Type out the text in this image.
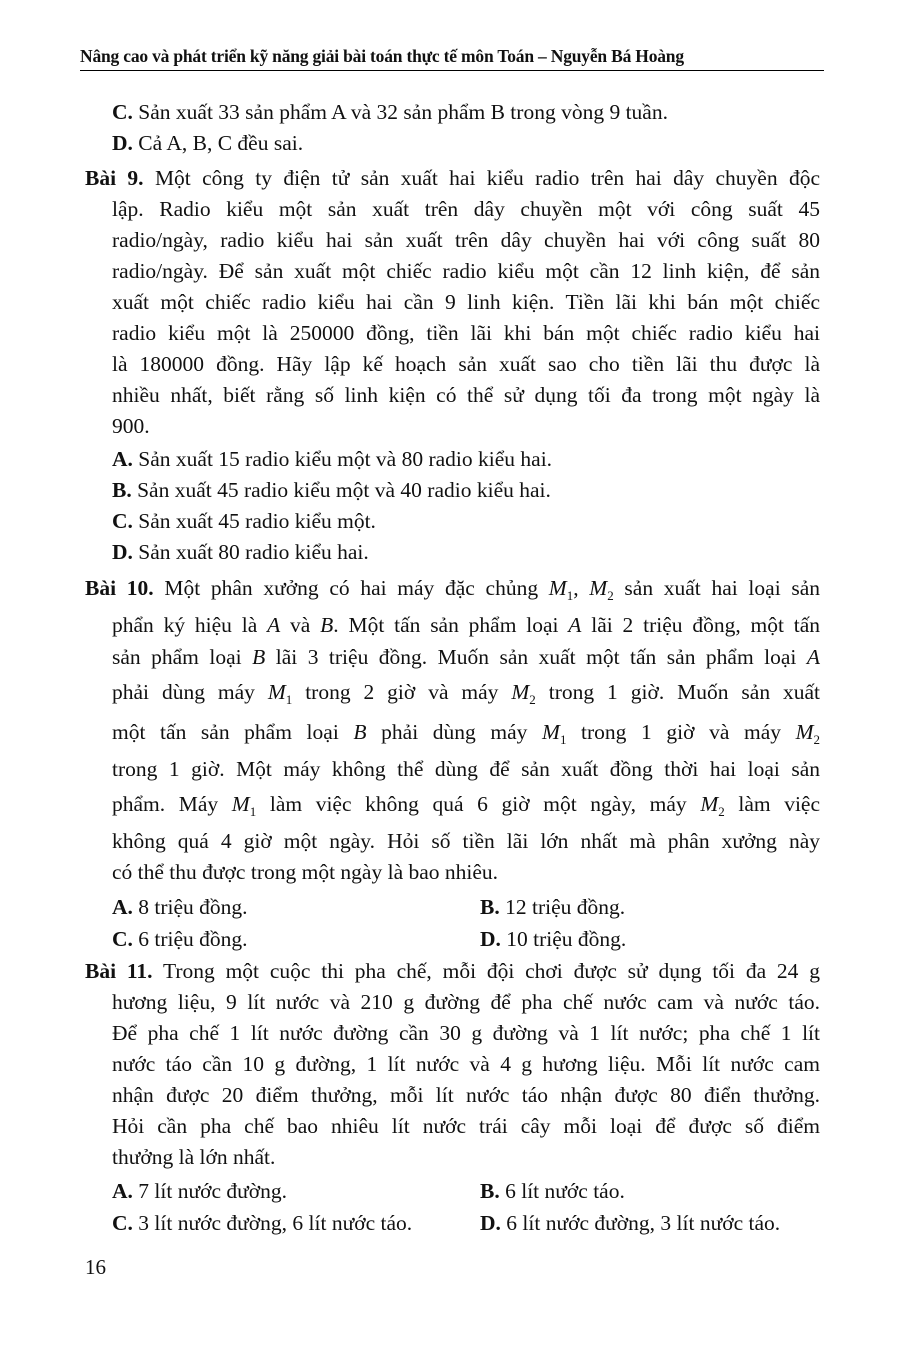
Nâng cao và phát triển kỹ năng giải bài toán thực tế môn Toán – Nguyễn Bá Hoàng
C. Sản xuất 33 sản phẩm A và 32 sản phẩm B trong vòng 9 tuần.
D. Cả A, B, C đều sai.
Bài 9. Một công ty điện tử sản xuất hai kiểu radio trên hai dây chuyền độc
lập. Radio kiểu một sản xuất trên dây chuyền một với công suất 45
radio/ngày, radio kiểu hai sản xuất trên dây chuyền hai với công suất 80
radio/ngày. Để sản xuất một chiếc radio kiểu một cần 12 linh kiện, để sản
xuất một chiếc radio kiểu hai cần 9 linh kiện. Tiền lãi khi bán một chiếc
radio kiểu một là 250000 đồng, tiền lãi khi bán một chiếc radio kiểu hai
là 180000 đồng. Hãy lập kế hoạch sản xuất sao cho tiền lãi thu được là
nhiều nhất, biết rằng số linh kiện có thể sử dụng tối đa trong một ngày là
900.
A. Sản xuất 15 radio kiểu một và 80 radio kiểu hai.
B. Sản xuất 45 radio kiểu một và 40 radio kiểu hai.
C. Sản xuất 45 radio kiểu một.
D. Sản xuất 80 radio kiểu hai.
Bài 10. Một phân xưởng có hai máy đặc chủng $M_1$, $M_2$ sản xuất hai loại sản
phẩn ký hiệu là A và B. Một tấn sản phẩm loại A lãi 2 triệu đồng, một tấn
sản phẩm loại B lãi 3 triệu đồng. Muốn sản xuất một tấn sản phẩm loại A
phải dùng máy $M_1$ trong 2 giờ và máy $M_2$ trong 1 giờ. Muốn sản xuất
một tấn sản phẩm loại B phải dùng máy $M_1$ trong 1 giờ và máy $M_2$
trong 1 giờ. Một máy không thể dùng để sản xuất đồng thời hai loại sản
phẩm. Máy $M_1$ làm việc không quá 6 giờ một ngày, máy $M_2$ làm việc
không quá 4 giờ một ngày. Hỏi số tiền lãi lớn nhất mà phân xưởng này
có thể thu được trong một ngày là bao nhiêu.
A. 8 triệu đồng.	B. 12 triệu đồng.
C. 6 triệu đồng.	D. 10 triệu đồng.
Bài 11. Trong một cuộc thi pha chế, mỗi đội chơi được sử dụng tối đa 24 g
hương liệu, 9 lít nước và 210 g đường để pha chế nước cam và nước táo.
Để pha chế 1 lít nước đường cần 30 g đường và 1 lít nước; pha chế 1 lít
nước táo cần 10 g đường, 1 lít nước và 4 g hương liệu. Mỗi lít nước cam
nhận được 20 điểm thưởng, mỗi lít nước táo nhận được 80 điển thưởng.
Hỏi cần pha chế bao nhiêu lít nước trái cây mỗi loại để được số điểm
thưởng là lớn nhất.
A. 7 lít nước đường.	B. 6 lít nước táo.
C. 3 lít nước đường, 6 lít nước táo.	D. 6 lít nước đường, 3 lít nước táo.
16
